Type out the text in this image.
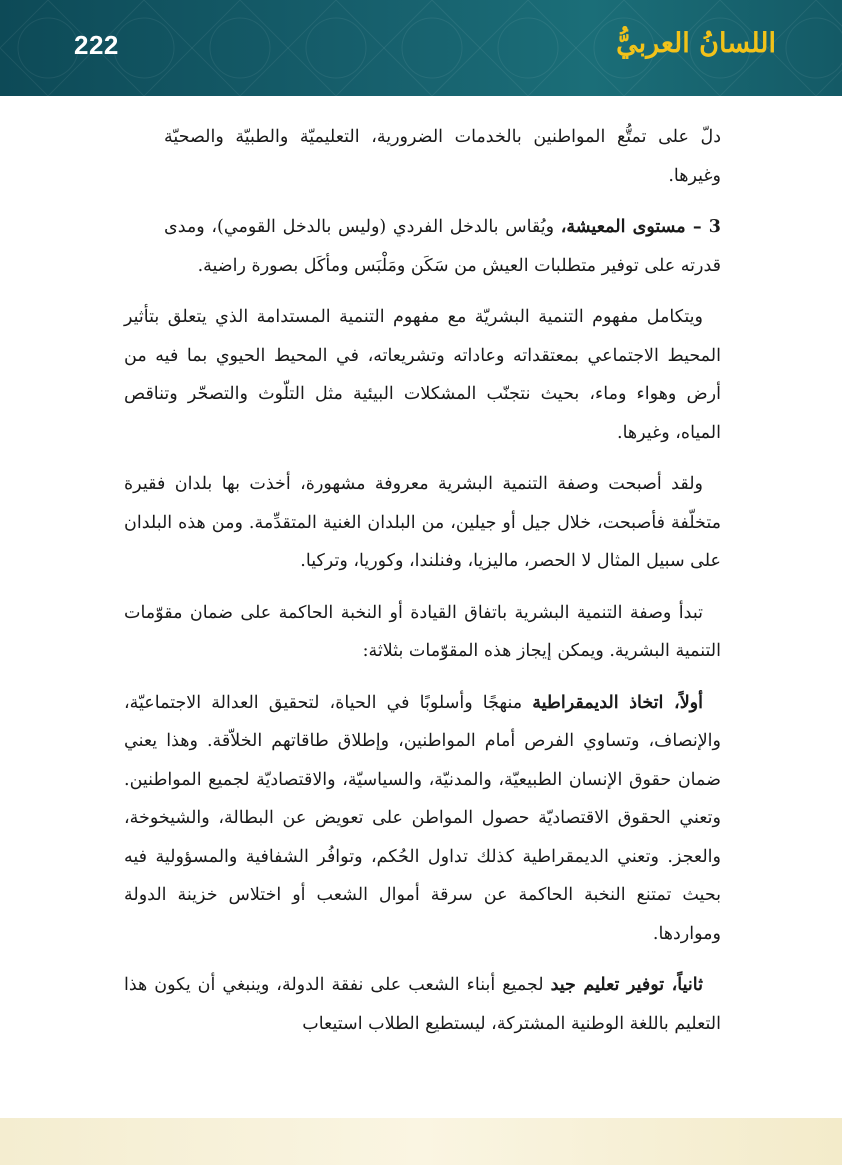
222	اللسانُ العربيُّ

دلّ على تمتُّع المواطنين بالخدمات الضرورية، التعليميّة والطبيّة والصحيّة وغيرها.

3 – مستوى المعيشة، ويُقاس بالدخل الفردي (وليس بالدخل القومي)، ومدى قدرته على توفير متطلبات العيش من سَكَن ومَلْبَس ومأكَل بصورة راضية.

ويتكامل مفهوم التنمية البشريّة مع مفهوم التنمية المستدامة الذي يتعلق بتأثير المحيط الاجتماعي بمعتقداته وعاداته وتشريعاته، في المحيط الحيوي بما فيه من أرض وهواء وماء، بحيث نتجنّب المشكلات البيئية مثل التلّوث والتصحّر وتناقص المياه، وغيرها.

ولقد أصبحت وصفة التنمية البشرية معروفة مشهورة، أخذت بها بلدان فقيرة متخلّفة فأصبحت، خلال جيل أو جيلين، من البلدان الغنية المتقدِّمة. ومن هذه البلدان على سبيل المثال لا الحصر، ماليزيا، وفنلندا، وكوريا، وتركيا.

تبدأ وصفة التنمية البشرية باتفاق القيادة أو النخبة الحاكمة على ضمان مقوّمات التنمية البشرية. ويمكن إيجاز هذه المقوّمات بثلاثة:

أولاً، اتخاذ الديمقراطية منهجًا وأسلوبًا في الحياة، لتحقيق العدالة الاجتماعيّة، والإنصاف، وتساوي الفرص أمام المواطنين، وإطلاق طاقاتهم الخلاّقة. وهذا يعني ضمان حقوق الإنسان الطبيعيّة، والمدنيّة، والسياسيّة، والاقتصاديّة لجميع المواطنين. وتعني الحقوق الاقتصاديّة حصول المواطن على تعويض عن البطالة، والشيخوخة، والعجز. وتعني الديمقراطية كذلك تداول الحُكم، وتوافُر الشفافية والمسؤولية فيه بحيث تمتنع النخبة الحاكمة عن سرقة أموال الشعب أو اختلاس خزينة الدولة ومواردها.

ثانياً، توفير تعليم جيد لجميع أبناء الشعب على نفقة الدولة، وينبغي أن يكون هذا التعليم باللغة الوطنية المشتركة، ليستطيع الطلاب استيعاب
